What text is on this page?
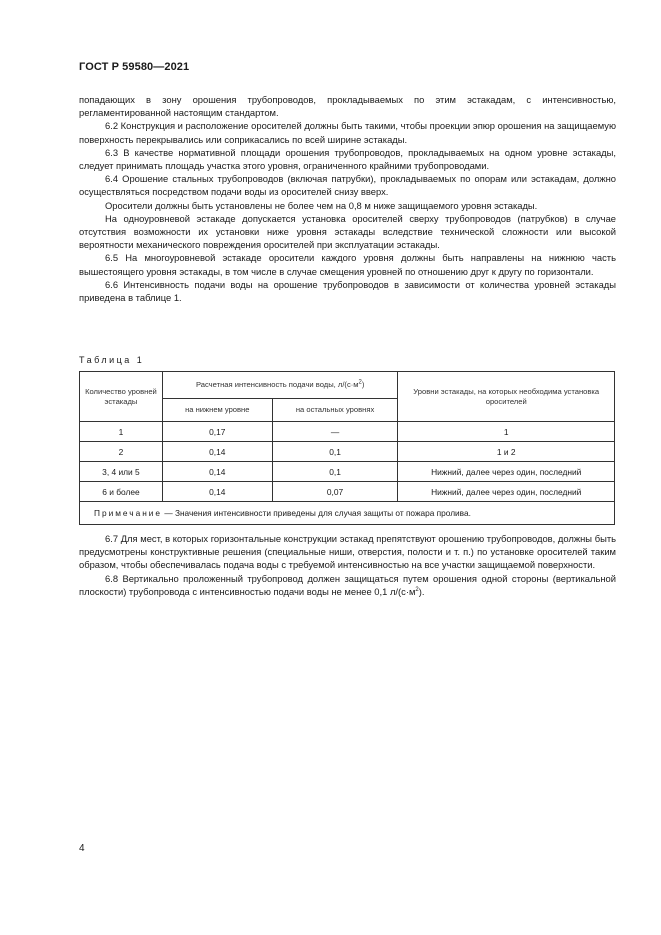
ГОСТ Р 59580—2021

попадающих в зону орошения трубопроводов, прокладываемых по этим эстакадам, с интенсивностью, регламентированной настоящим стандартом.

6.2 Конструкция и расположение оросителей должны быть такими, чтобы проекции эпюр орошения на защищаемую поверхность перекрывались или соприкасались по всей ширине эстакады.

6.3 В качестве нормативной площади орошения трубопроводов, прокладываемых на одном уровне эстакады, следует принимать площадь участка этого уровня, ограниченного крайними трубопроводами.

6.4 Орошение стальных трубопроводов (включая патрубки), прокладываемых по опорам или эстакадам, должно осуществляться посредством подачи воды из оросителей снизу вверх.

Оросители должны быть установлены не более чем на 0,8 м ниже защищаемого уровня эстакады.

На одноуровневой эстакаде допускается установка оросителей сверху трубопроводов (патрубков) в случае отсутствия возможности их установки ниже уровня эстакады вследствие технической сложности или высокой вероятности механического повреждения оросителей при эксплуатации эстакады.

6.5 На многоуровневой эстакаде оросители каждого уровня должны быть направлены на нижнюю часть вышестоящего уровня эстакады, в том числе в случае смещения уровней по отношению друг к другу по горизонтали.

6.6 Интенсивность подачи воды на орошение трубопроводов в зависимости от количества уровней эстакады приведена в таблице 1.

Таблица 1
Количество уровней эстакады	Расчетная интенсивность подачи воды, $л/(с\cdot м^2)$		Уровни эстакады, на которых необходима установка оросителей
	на нижнем уровне	на остальных уровнях	
1	0,17	—	1
2	0,14	0,1	1 и 2
3, 4 или 5	0,14	0,1	Нижний, далее через один, последний
6 и более	0,14	0,07	Нижний, далее через один, последний
Примечание — Значения интенсивности приведены для случая защиты от пожара пролива.			

6.7 Для мест, в которых горизонтальные конструкции эстакад препятствуют орошению трубопроводов, должны быть предусмотрены конструктивные решения (специальные ниши, отверстия, полости и т. п.) по установке оросителей таким образом, чтобы обеспечивалась подача воды с требуемой интенсивностью на все участки защищаемой поверхности.

6.8 Вертикально проложенный трубопровод должен защищаться путем орошения одной стороны (вертикальной плоскости) трубопровода с интенсивностью подачи воды не менее 0,1 $л/(с\cdot м^2)$.

4
